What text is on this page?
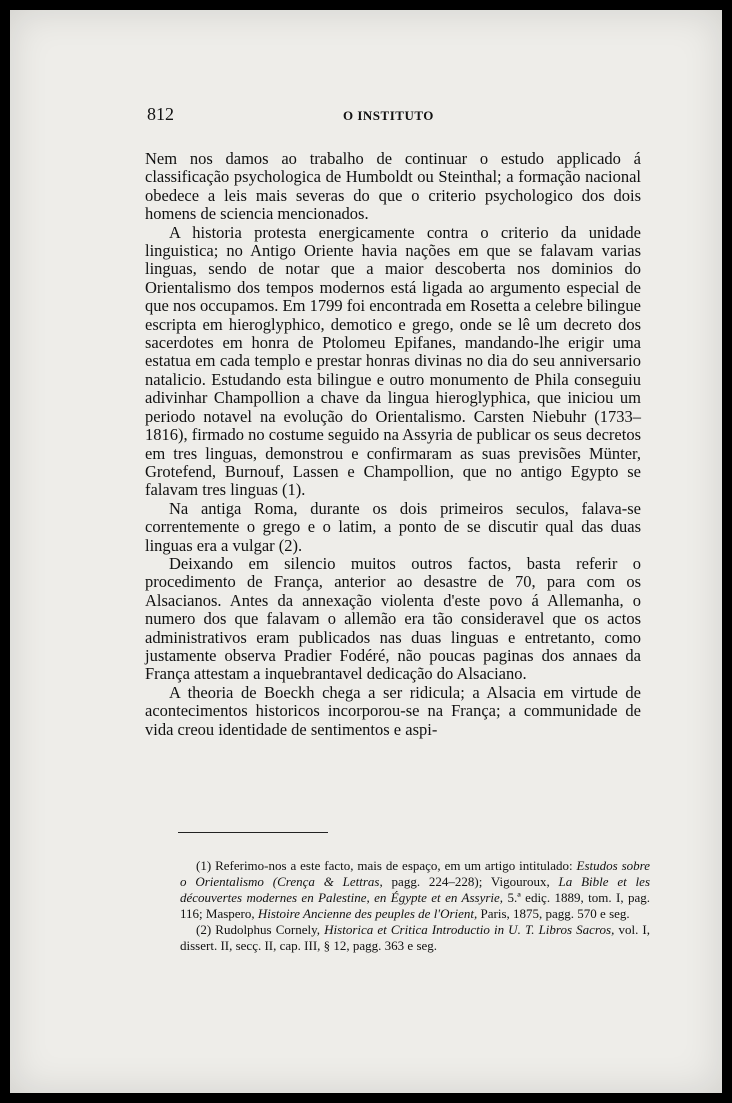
812	O INSTITUTO

Nem nos damos ao trabalho de continuar o estudo applicado á classificação psychologica de Humboldt ou Steinthal; a formação nacional obedece a leis mais severas do que o criterio psychologico dos dois homens de sciencia mencionados.

A historia protesta energicamente contra o criterio da unidade linguistica; no Antigo Oriente havia nações em que se falavam varias linguas, sendo de notar que a maior descoberta nos dominios do Orientalismo dos tempos modernos está ligada ao argumento especial de que nos occupamos. Em 1799 foi encontrada em Rosetta a celebre bilingue escripta em hieroglyphico, demotico e grego, onde se lê um decreto dos sacerdotes em honra de Ptolomeu Epifanes, mandando-lhe erigir uma estatua em cada templo e prestar honras divinas no dia do seu anniversario natalicio. Estudando esta bilingue e outro monumento de Phila conseguiu adivinhar Champollion a chave da lingua hieroglyphica, que iniciou um periodo notavel na evolução do Orientalismo. Carsten Niebuhr (1733–1816), firmado no costume seguido na Assyria de publicar os seus decretos em tres linguas, demonstrou e confirmaram as suas previsões Münter, Grotefend, Burnouf, Lassen e Champollion, que no antigo Egypto se falavam tres linguas (1).

Na antiga Roma, durante os dois primeiros seculos, falava-se correntemente o grego e o latim, a ponto de se discutir qual das duas linguas era a vulgar (2).

Deixando em silencio muitos outros factos, basta referir o procedimento de França, anterior ao desastre de 70, para com os Alsacianos. Antes da annexação violenta d'este povo á Allemanha, o numero dos que falavam o allemão era tão consideravel que os actos administrativos eram publicados nas duas linguas e entretanto, como justamente observa Pradier Fodéré, não poucas paginas dos annaes da França attestam a inquebrantavel dedicação do Alsaciano.

A theoria de Boeckh chega a ser ridicula; a Alsacia em virtude de acontecimentos historicos incorporou-se na França; a communidade de vida creou identidade de sentimentos e aspi-

(1) Referimo-nos a este facto, mais de espaço, em um artigo intitulado: Estudos sobre o Orientalismo (Crença & Lettras, pagg. 224–228); Vigouroux, La Bible et les découvertes modernes en Palestine, en Égypte et en Assyrie, 5.ª ediç. 1889, tom. I, pag. 116; Maspero, Histoire Ancienne des peuples de l'Orient, Paris, 1875, pagg. 570 e seg.

(2) Rudolphus Cornely, Historica et Critica Introductio in U. T. Libros Sacros, vol. I, dissert. II, secç. II, cap. III, § 12, pagg. 363 e seg.
